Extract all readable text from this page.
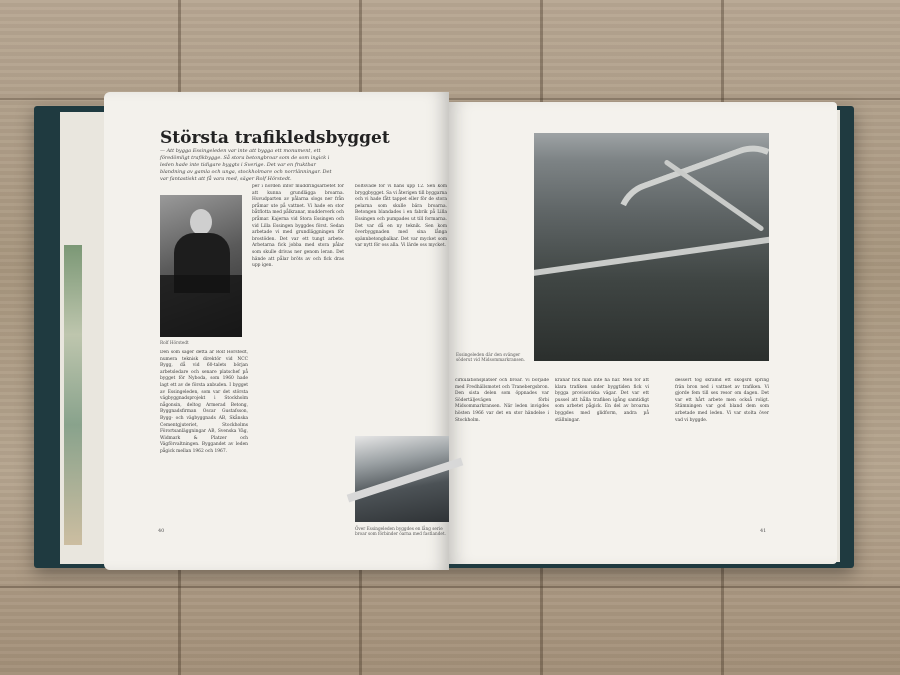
Största trafikledsbygget
— Att bygga Essingeleden var inte att bygga ett monument, ett föredömligt trafikbygge. Så stora betongbroar som de som ingick i leden hade inte tidigare byggts i Sverige. Det var en fruktbar blandning av gamla och unga, stockholmare och norrlänningar. Det var fantastiskt att få vara med, säger Rolf Hörstedt.
Rolf Hörstedt
Den som säger detta är Rolf Hörstedt, numera teknisk direktör vid NCC Bygg, då vid 60-talets början arbetsledare och senare platschef på bygget för Nyboda, som 1960 hade lagt ett av de första anbuden. I bygget av Essingeleden, som var det största vägbyggnadsprojekt i Stockholm någonsin, deltog Armerad Betong, Byggnadsfirman Oscar Gustafsson, Bygg- och vägbyggnads AB, Skånska Cementgjuteriet, Stockholms Förortsanläggningar AB, Svenska Väg, Widmark & Platzer och Vägförvaltningen. Byggandet av leden pågick mellan 1962 och 1967.
per i norden inför muddringsarbetet för att kunna grundlägga broarna. Huvudparten av pålarna slogs ner från pråmar ute på vattnet. Vi hade en stor båtflotta med pålkranar, mudderverk och pråmar. Kajerna vid Stora Essingen och vid Lilla Essingen byggdes först. Sedan arbetade vi med grundläggningen för brostöden. Det var ett tungt arbete. Arbetarna fick jobba med stora pålar som skulle drivas ner genom leran. Det hände att pålar bröts av och fick dras upp igen.
boltsvade för vi hans upp 12. Sen kom bryggbygget. Sa vi återigen till byggarna och vi hade fått tappet eller för de stora pelarna som skulle bära broarna. Betongen blandades i en fabrik på Lilla Essingen och pumpades ut till formarna. Det var då en ny teknik. Sen kom överbyggnaden med sina långa spännbetongbalkar. Det var mycket som var nytt för oss alla. Vi lärde oss mycket.
Över Essingeleden byggdes en lång serie broar som förbinder öarna med fastlandet.
40
Essingeleden där den svänger söderut vid Midsommarkransen.
cirkulationsplatser och broar. Vi började med Fredhällsmotet och Tranebergsbron. Den sista delen som öppnades var Södertäljevägen förbi Midsommarkransen. När leden invigdes hösten 1966 var det en stor händelse i Stockholm.
kranar fick man inte ha här. Men för att klara trafiken under byggtiden fick vi bygga provisoriska vägar. Det var ett pussel att hålla trafiken igång samtidigt som arbetet pågick. En del av broarna byggdes med glidform, andra på ställningar.
dessert tog skrämd ett skogsrd spring frän bron ned i vattnet av trafiken. Vi gjorde fem till sex resor om dagen. Det var ett hårt arbete men också roligt. Stämningen var god bland dem som arbetade med leden. Vi var stolta över vad vi byggde.
41
